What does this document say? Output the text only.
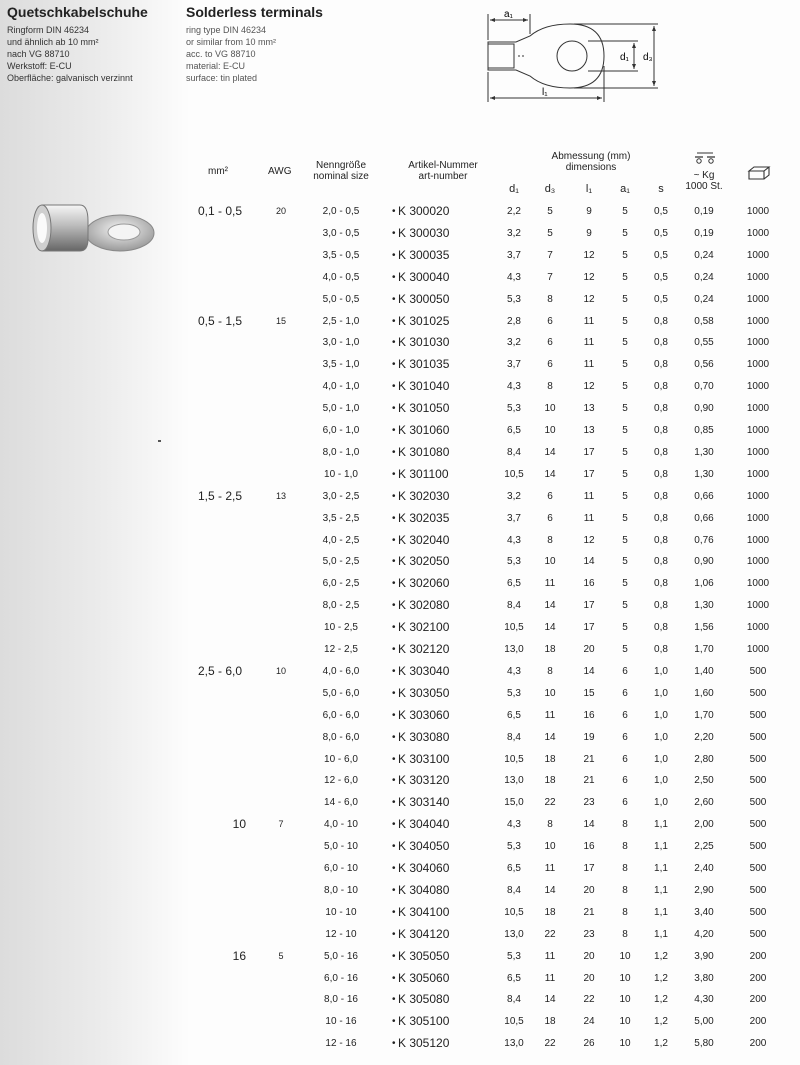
Quetschkabelschuhe	Solderless terminals
Ringform DIN 46234
und ähnlich ab 10 mm²
nach VG 88710
Werkstoff: E-CU
Oberfläche: galvanisch verzinnt
ring type DIN 46234
or similar from 10 mm²
acc. to VG 88710
material: E-CU
surface: tin plated
a₁
l₁
d₁ d₃
mm²	AWG
Nenngröße
nominal size
Artikel-Nummer
art-number
Abmessung (mm)
dimensions
d₁	d₃	l₁	a₁	s
~ Kg
1000 St.
0,1 - 0,5	20	2,0 - 0,5	• K 300020	2,2	5	9	5	0,5	0,19	1000
3,0 - 0,5	• K 300030	3,2	5	9	5	0,5	0,19	1000
3,5 - 0,5	• K 300035	3,7	7	12	5	0,5	0,24	1000
4,0 - 0,5	• K 300040	4,3	7	12	5	0,5	0,24	1000
5,0 - 0,5	• K 300050	5,3	8	12	5	0,5	0,24	1000
0,5 - 1,5	15	2,5 - 1,0	• K 301025	2,8	6	11	5	0,8	0,58	1000
3,0 - 1,0	• K 301030	3,2	6	11	5	0,8	0,55	1000
3,5 - 1,0	• K 301035	3,7	6	11	5	0,8	0,56	1000
4,0 - 1,0	• K 301040	4,3	8	12	5	0,8	0,70	1000
5,0 - 1,0	• K 301050	5,3	10	13	5	0,8	0,90	1000
6,0 - 1,0	• K 301060	6,5	10	13	5	0,8	0,85	1000
8,0 - 1,0	• K 301080	8,4	14	17	5	0,8	1,30	1000
10 - 1,0	• K 301100	10,5	14	17	5	0,8	1,30	1000
1,5 - 2,5	13	3,0 - 2,5	• K 302030	3,2	6	11	5	0,8	0,66	1000
3,5 - 2,5	• K 302035	3,7	6	11	5	0,8	0,66	1000
4,0 - 2,5	• K 302040	4,3	8	12	5	0,8	0,76	1000
5,0 - 2,5	• K 302050	5,3	10	14	5	0,8	0,90	1000
6,0 - 2,5	• K 302060	6,5	11	16	5	0,8	1,06	1000
8,0 - 2,5	• K 302080	8,4	14	17	5	0,8	1,30	1000
10 - 2,5	• K 302100	10,5	14	17	5	0,8	1,56	1000
12 - 2,5	• K 302120	13,0	18	20	5	0,8	1,70	1000
2,5 - 6,0	10	4,0 - 6,0	• K 303040	4,3	8	14	6	1,0	1,40	500
5,0 - 6,0	• K 303050	5,3	10	15	6	1,0	1,60	500
6,0 - 6,0	• K 303060	6,5	11	16	6	1,0	1,70	500
8,0 - 6,0	• K 303080	8,4	14	19	6	1,0	2,20	500
10 - 6,0	• K 303100	10,5	18	21	6	1,0	2,80	500
12 - 6,0	• K 303120	13,0	18	21	6	1,0	2,50	500
14 - 6,0	• K 303140	15,0	22	23	6	1,0	2,60	500
10	7	4,0 - 10	• K 304040	4,3	8	14	8	1,1	2,00	500
5,0 - 10	• K 304050	5,3	10	16	8	1,1	2,25	500
6,0 - 10	• K 304060	6,5	11	17	8	1,1	2,40	500
8,0 - 10	• K 304080	8,4	14	20	8	1,1	2,90	500
10 - 10	• K 304100	10,5	18	21	8	1,1	3,40	500
12 - 10	• K 304120	13,0	22	23	8	1,1	4,20	500
16	5	5,0 - 16	• K 305050	5,3	11	20	10	1,2	3,90	200
6,0 - 16	• K 305060	6,5	11	20	10	1,2	3,80	200
8,0 - 16	• K 305080	8,4	14	22	10	1,2	4,30	200
10 - 16	• K 305100	10,5	18	24	10	1,2	5,00	200
12 - 16	• K 305120	13,0	22	26	10	1,2	5,80	200
